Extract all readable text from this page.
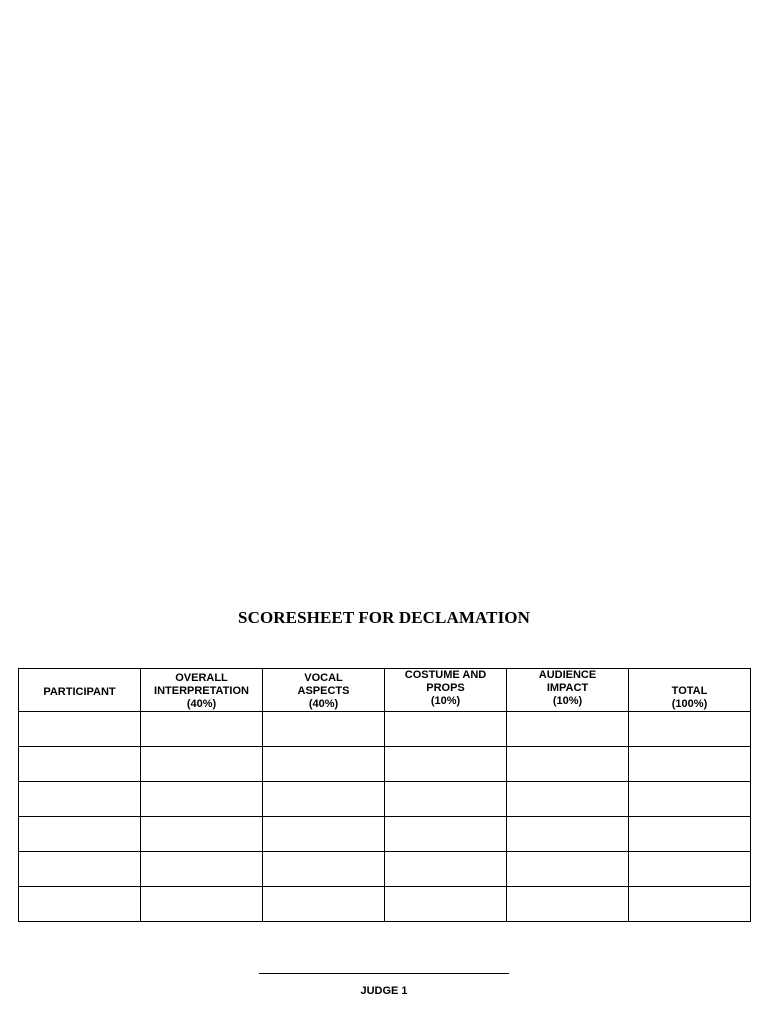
SCORESHEET FOR DECLAMATION
PARTICIPANT	OVERALL
INTERPRETATION
(40%)	VOCAL
ASPECTS
(40%)	COSTUME AND
PROPS
(10%)	AUDIENCE
IMPACT
(10%)	TOTAL
(100%)

JUDGE 1
